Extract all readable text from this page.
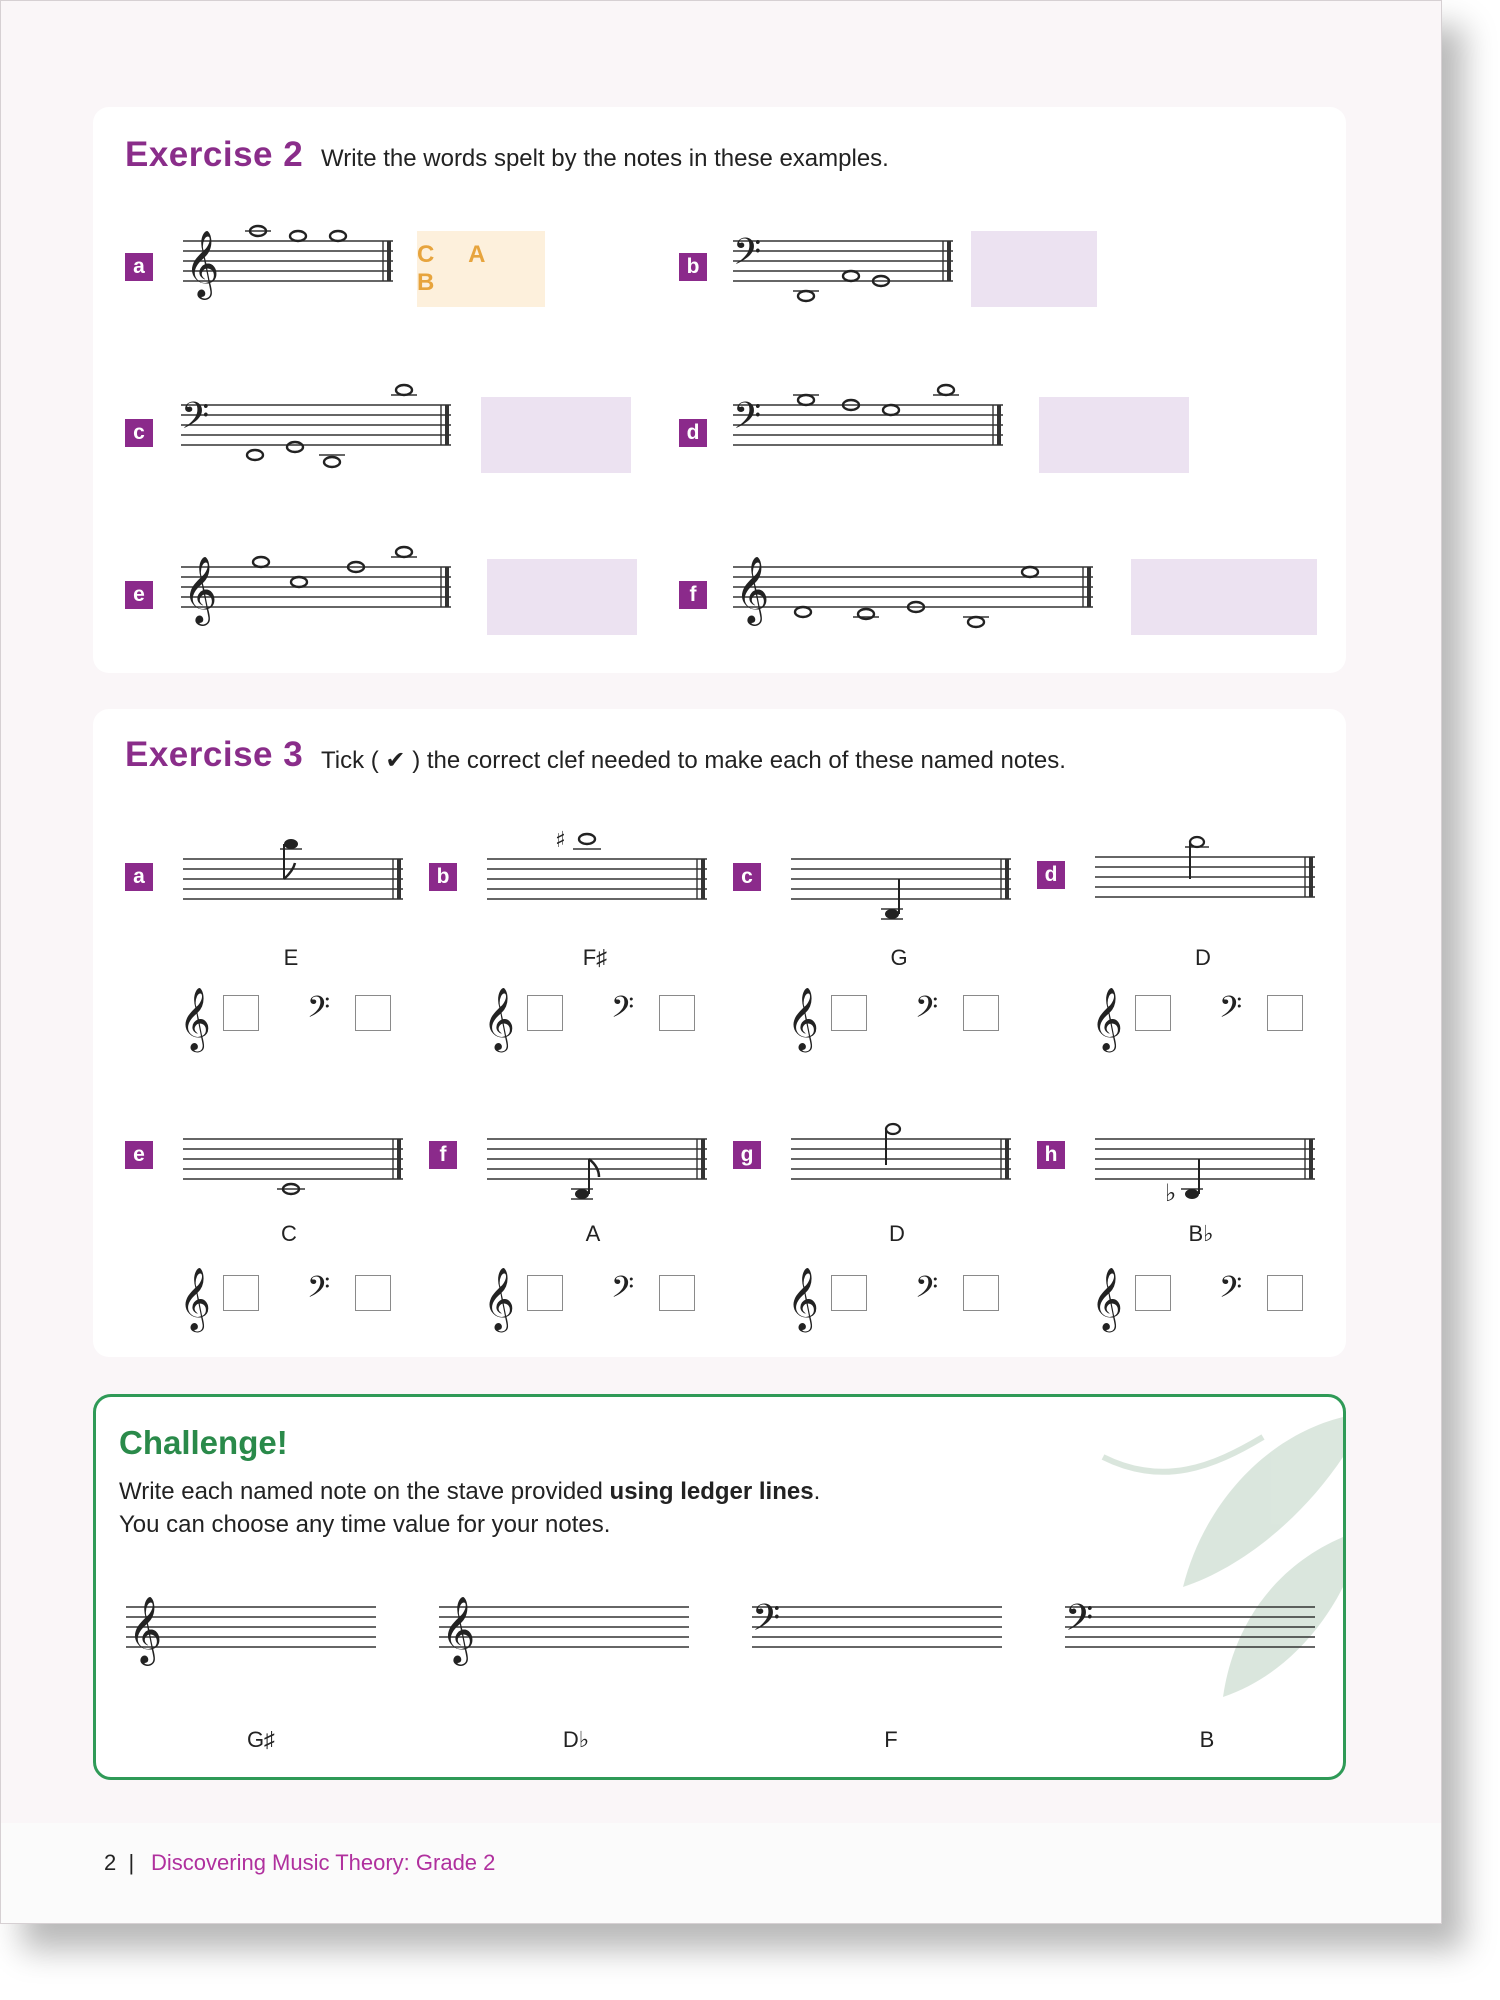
Exercise 2 Write the words spelt by the notes in these examples.
a 𝄞	C A B
b 𝄢
c 𝄢	d 𝄢
e 𝄞	f 𝄞
Exercise 3 Tick ( ✔ ) the correct clef needed to make each of these named notes.
a	b	c	d
♯
E	F♯	G	D
𝄞	𝄢	𝄞	𝄢	𝄞	𝄢	𝄞	𝄢
e	f	g	h
♭
C	A	D	B♭
𝄞	𝄢	𝄞	𝄢	𝄞	𝄢	𝄞	𝄢
Challenge!
Write each named note on the stave provided using ledger lines.
You can choose any time value for your notes.
𝄞	𝄞	𝄢	𝄢
G♯	D♭	F	B
2 | Discovering Music Theory: Grade 2
